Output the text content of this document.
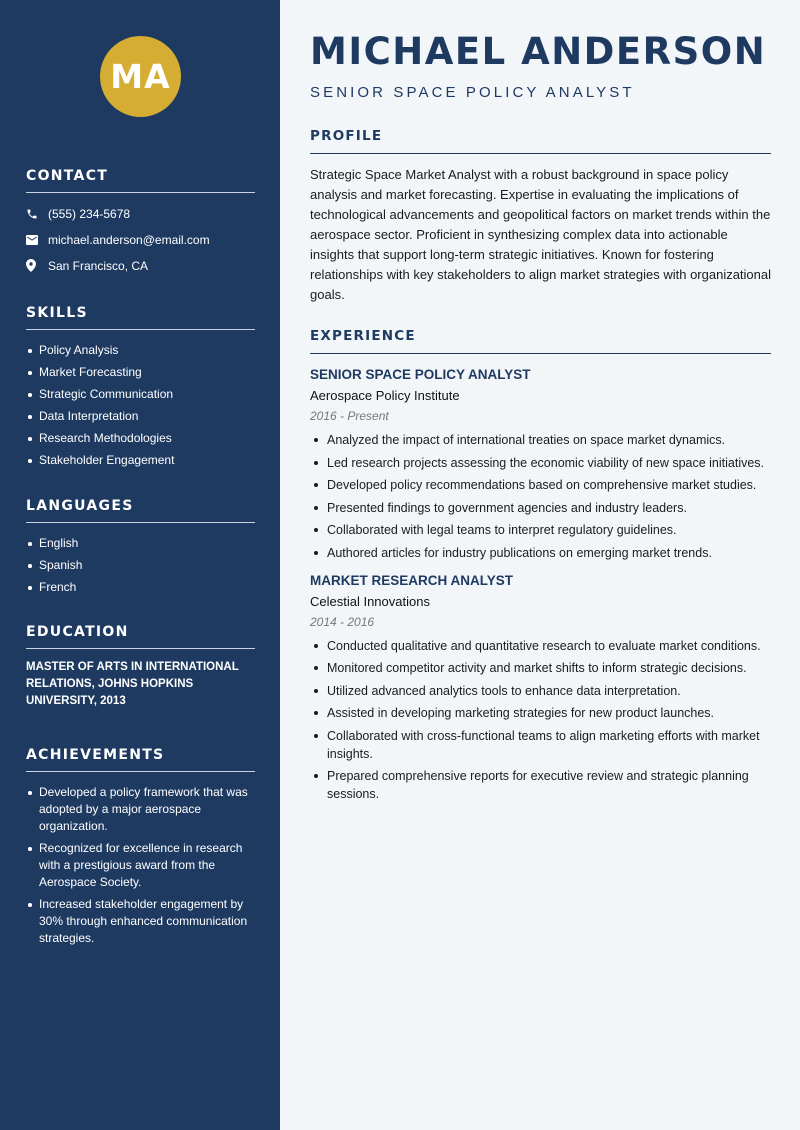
MA
CONTACT
(555) 234-5678
michael.anderson@email.com
San Francisco, CA
SKILLS
Policy Analysis
Market Forecasting
Strategic Communication
Data Interpretation
Research Methodologies
Stakeholder Engagement
LANGUAGES
English
Spanish
French
EDUCATION
MASTER OF ARTS IN INTERNATIONAL RELATIONS, JOHNS HOPKINS UNIVERSITY, 2013
ACHIEVEMENTS
Developed a policy framework that was adopted by a major aerospace organization.
Recognized for excellence in research with a prestigious award from the Aerospace Society.
Increased stakeholder engagement by 30% through enhanced communication strategies.
MICHAEL ANDERSON
SENIOR SPACE POLICY ANALYST
PROFILE
Strategic Space Market Analyst with a robust background in space policy analysis and market forecasting. Expertise in evaluating the implications of technological advancements and geopolitical factors on market trends within the aerospace sector. Proficient in synthesizing complex data into actionable insights that support long-term strategic initiatives. Known for fostering relationships with key stakeholders to align market strategies with organizational goals.
EXPERIENCE
SENIOR SPACE POLICY ANALYST
Aerospace Policy Institute
2016 - Present
Analyzed the impact of international treaties on space market dynamics.
Led research projects assessing the economic viability of new space initiatives.
Developed policy recommendations based on comprehensive market studies.
Presented findings to government agencies and industry leaders.
Collaborated with legal teams to interpret regulatory guidelines.
Authored articles for industry publications on emerging market trends.
MARKET RESEARCH ANALYST
Celestial Innovations
2014 - 2016
Conducted qualitative and quantitative research to evaluate market conditions.
Monitored competitor activity and market shifts to inform strategic decisions.
Utilized advanced analytics tools to enhance data interpretation.
Assisted in developing marketing strategies for new product launches.
Collaborated with cross-functional teams to align marketing efforts with market insights.
Prepared comprehensive reports for executive review and strategic planning sessions.
